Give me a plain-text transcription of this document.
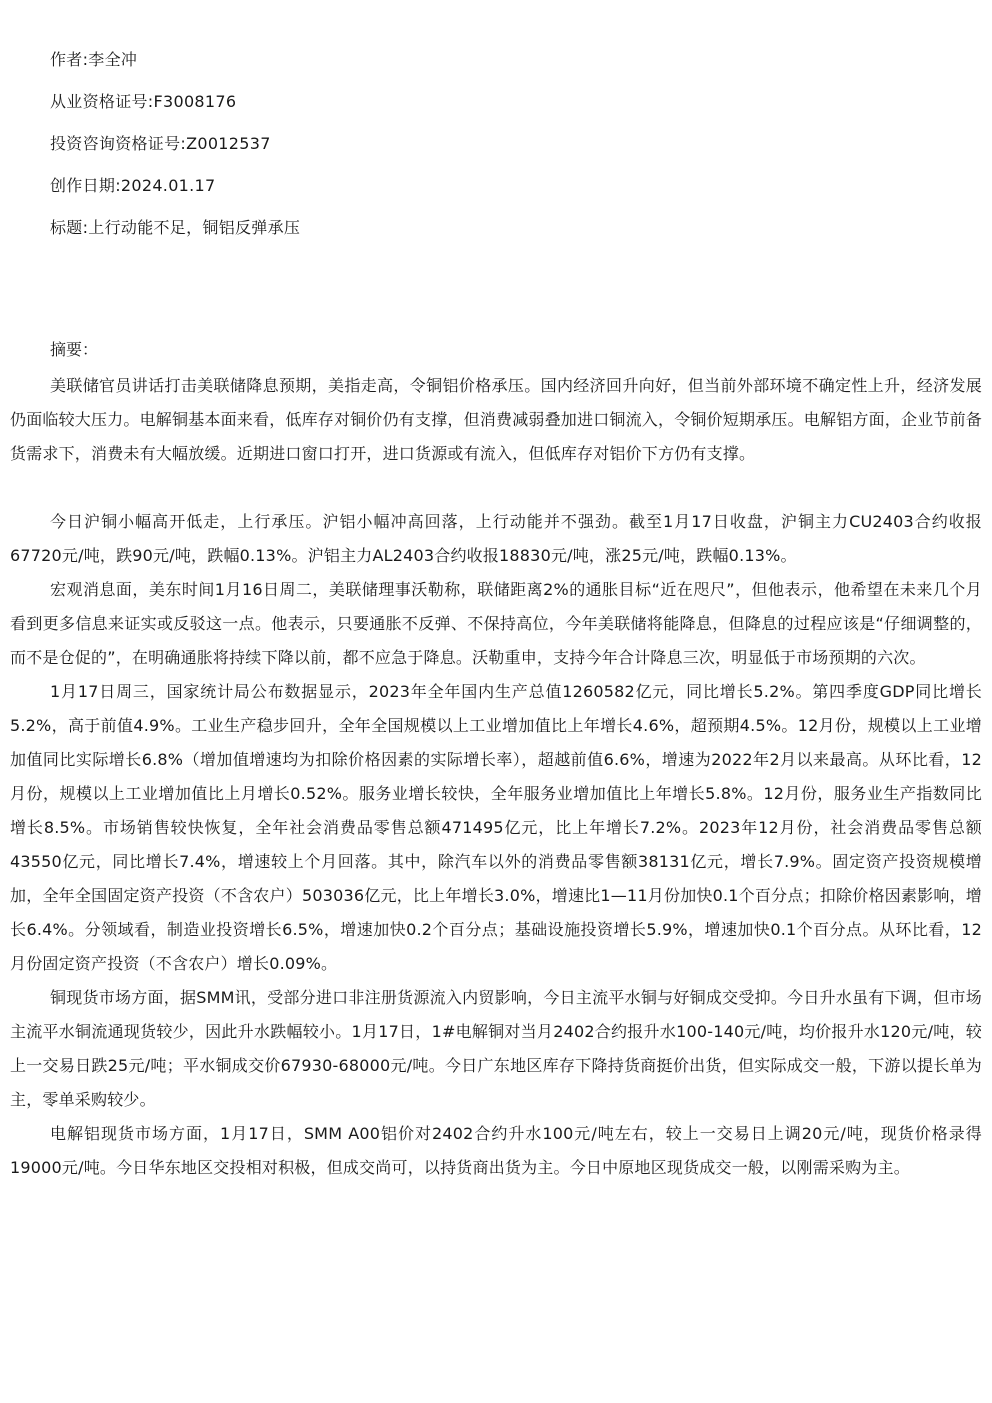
作者:李全冲
从业资格证号:F3008176
投资咨询资格证号:Z0012537
创作日期:2024.01.17
标题:上行动能不足，铜铝反弹承压
摘要：

美联储官员讲话打击美联储降息预期，美指走高，令铜铝价格承压。国内经济回升向好，但当前外部环境不确定性上升，经济发展仍面临较大压力。电解铜基本面来看，低库存对铜价仍有支撑，但消费减弱叠加进口铜流入，令铜价短期承压。电解铝方面，企业节前备货需求下，消费未有大幅放缓。近期进口窗口打开，进口货源或有流入，但低库存对铝价下方仍有支撑。

今日沪铜小幅高开低走，上行承压。沪铝小幅冲高回落，上行动能并不强劲。截至1月17日收盘，沪铜主力CU2403合约收报67720元/吨，跌90元/吨，跌幅0.13%。沪铝主力AL2403合约收报18830元/吨，涨25元/吨，跌幅0.13%。

宏观消息面，美东时间1月16日周二，美联储理事沃勒称，联储距离2%的通胀目标“近在咫尺”，但他表示，他希望在未来几个月看到更多信息来证实或反驳这一点。他表示，只要通胀不反弹、不保持高位，今年美联储将能降息，但降息的过程应该是“仔细调整的，而不是仓促的”，在明确通胀将持续下降以前，都不应急于降息。沃勒重申，支持今年合计降息三次，明显低于市场预期的六次。

1月17日周三，国家统计局公布数据显示，2023年全年国内生产总值1260582亿元，同比增长5.2%。第四季度GDP同比增长5.2%，高于前值4.9%。工业生产稳步回升，全年全国规模以上工业增加值比上年增长4.6%，超预期4.5%。12月份，规模以上工业增加值同比实际增长6.8%（增加值增速均为扣除价格因素的实际增长率），超越前值6.6%，增速为2022年2月以来最高。从环比看，12月份，规模以上工业增加值比上月增长0.52%。服务业增长较快，全年服务业增加值比上年增长5.8%。12月份，服务业生产指数同比增长8.5%。市场销售较快恢复，全年社会消费品零售总额471495亿元，比上年增长7.2%。2023年12月份，社会消费品零售总额43550亿元，同比增长7.4%，增速较上个月回落。其中，除汽车以外的消费品零售额38131亿元，增长7.9%。固定资产投资规模增加，全年全国固定资产投资（不含农户）503036亿元，比上年增长3.0%，增速比1—11月份加快0.1个百分点；扣除价格因素影响，增长6.4%。分领域看，制造业投资增长6.5%，增速加快0.2个百分点；基础设施投资增长5.9%，增速加快0.1个百分点。从环比看，12月份固定资产投资（不含农户）增长0.09%。

铜现货市场方面，据SMM讯，受部分进口非注册货源流入内贸影响，今日主流平水铜与好铜成交受抑。今日升水虽有下调，但市场主流平水铜流通现货较少，因此升水跌幅较小。1月17日，1#电解铜对当月2402合约报升水100-140元/吨，均价报升水120元/吨，较上一交易日跌25元/吨；平水铜成交价67930-68000元/吨。今日广东地区库存下降持货商挺价出货，但实际成交一般，下游以提长单为主，零单采购较少。

电解铝现货市场方面，1月17日，SMM A00铝价对2402合约升水100元/吨左右，较上一交易日上调20元/吨，现货价格录得19000元/吨。今日华东地区交投相对积极，但成交尚可，以持货商出货为主。今日中原地区现货成交一般，以刚需采购为主。
